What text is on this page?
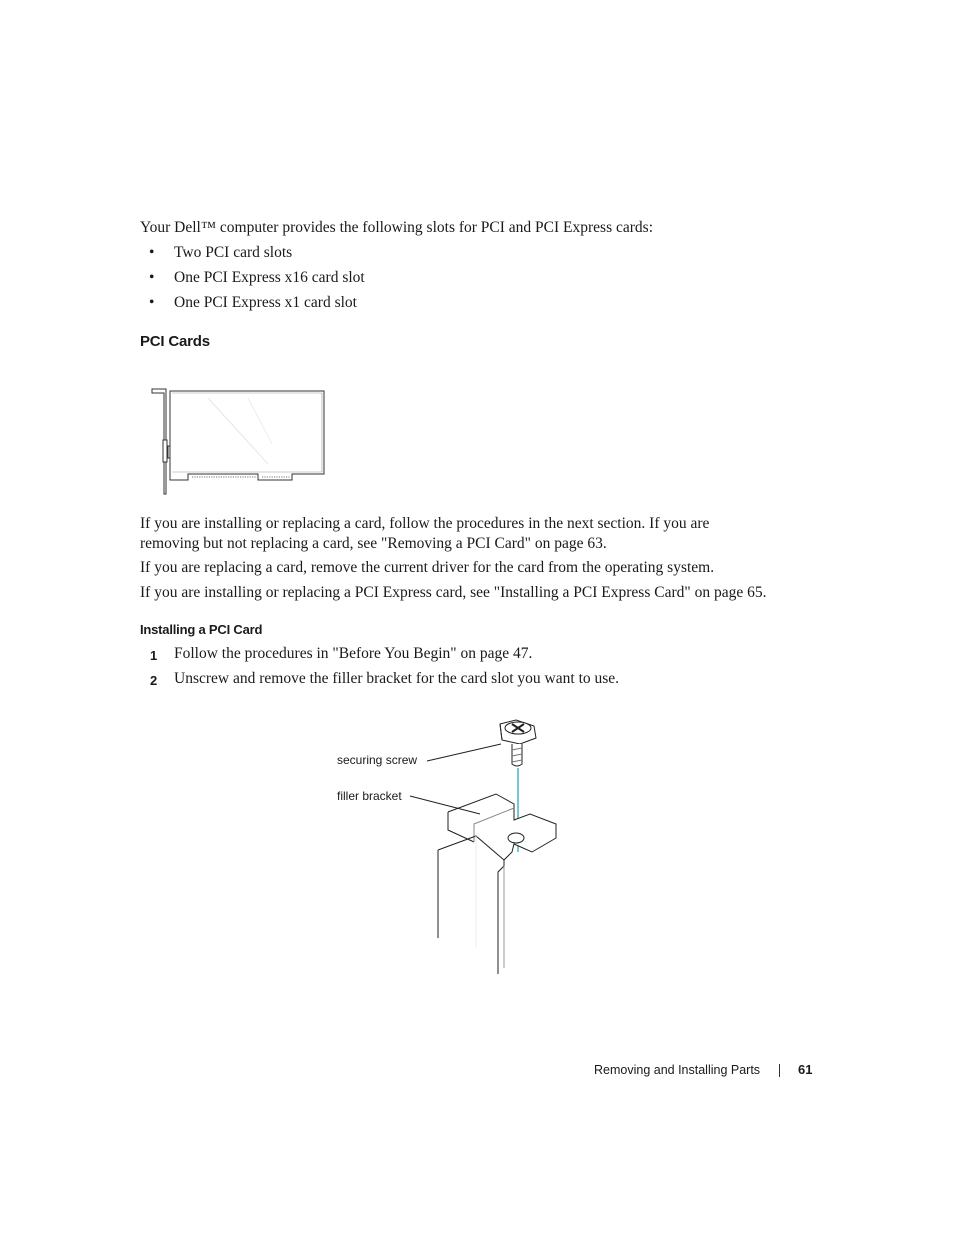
Your Dell™ computer provides the following slots for PCI and PCI Express cards:
• Two PCI card slots
• One PCI Express x16 card slot
• One PCI Express x1 card slot
PCI Cards
If you are installing or replacing a card, follow the procedures in the next section. If you are
removing but not replacing a card, see "Removing a PCI Card" on page 63.
If you are replacing a card, remove the current driver for the card from the operating system.
If you are installing or replacing a PCI Express card, see "Installing a PCI Express Card" on page 65.
Installing a PCI Card
1 Follow the procedures in "Before You Begin" on page 47.
2 Unscrew and remove the filler bracket for the card slot you want to use.
securing screw
filler bracket
Removing and Installing Parts	61
